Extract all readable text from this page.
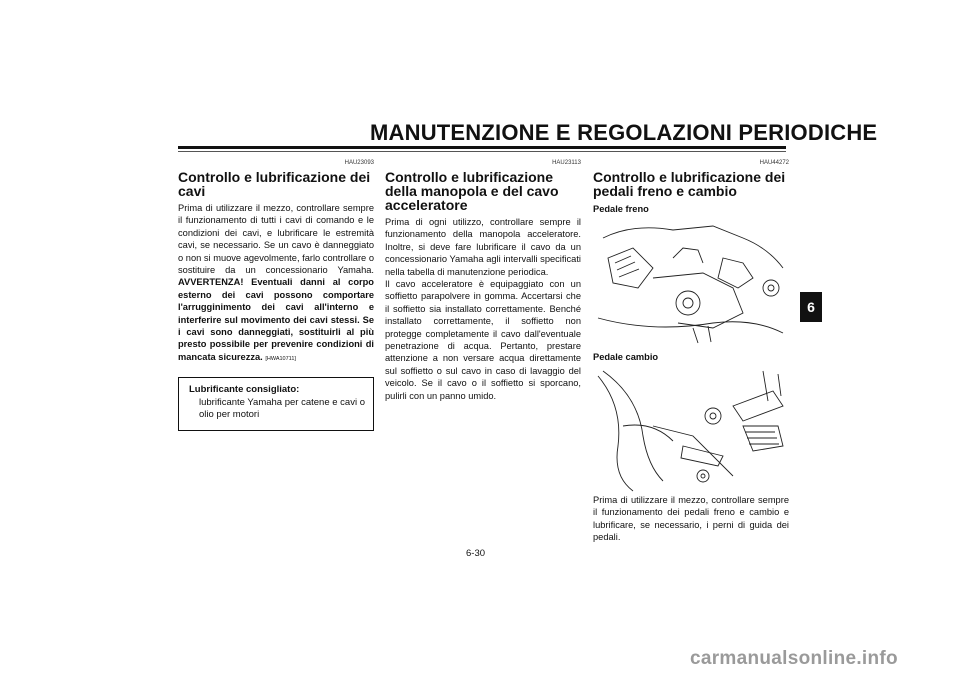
MANUTENZIONE E REGOLAZIONI PERIODICHE
HAU23093
Controllo e lubrificazione dei cavi

Prima di utilizzare il mezzo, controllare sempre il funzionamento di tutti i cavi di comando e le condizioni dei cavi, e lubrificare le estremità cavi, se necessario. Se un cavo è danneggiato o non si muove agevolmente, farlo controllare o sostituire da un concessionario Yamaha. AVVERTENZA! Eventuali danni al corpo esterno dei cavi possono comportare l'arrugginimento dei cavi all'interno e interferire sul movimento dei cavi stessi. Se i cavi sono danneggiati, sostituirli al più presto possibile per prevenire condizioni di mancata sicurezza. [HWA10711]

Lubrificante consigliato:
lubrificante Yamaha per catene e cavi o olio per motori
HAU23113
Controllo e lubrificazione della manopola e del cavo acceleratore

Prima di ogni utilizzo, controllare sempre il funzionamento della manopola acceleratore. Inoltre, si deve fare lubrificare il cavo da un concessionario Yamaha agli intervalli specificati nella tabella di manutenzione periodica.

Il cavo acceleratore è equipaggiato con un soffietto parapolvere in gomma. Accertarsi che il soffietto sia installato correttamente. Benché installato correttamente, il soffietto non protegge completamente il cavo dall'eventuale penetrazione di acqua. Pertanto, prestare attenzione a non versare acqua direttamente sul soffietto o sul cavo in caso di lavaggio del veicolo. Se il cavo o il soffietto si sporcano, pulirli con un panno umido.

HAU44272
Controllo e lubrificazione dei pedali freno e cambio
Pedale freno
Pedale cambio

Prima di utilizzare il mezzo, controllare sempre il funzionamento dei pedali freno e cambio e lubrificare, se necessario, i perni di guida dei pedali.

6
6-30
carmanualsonline.info
